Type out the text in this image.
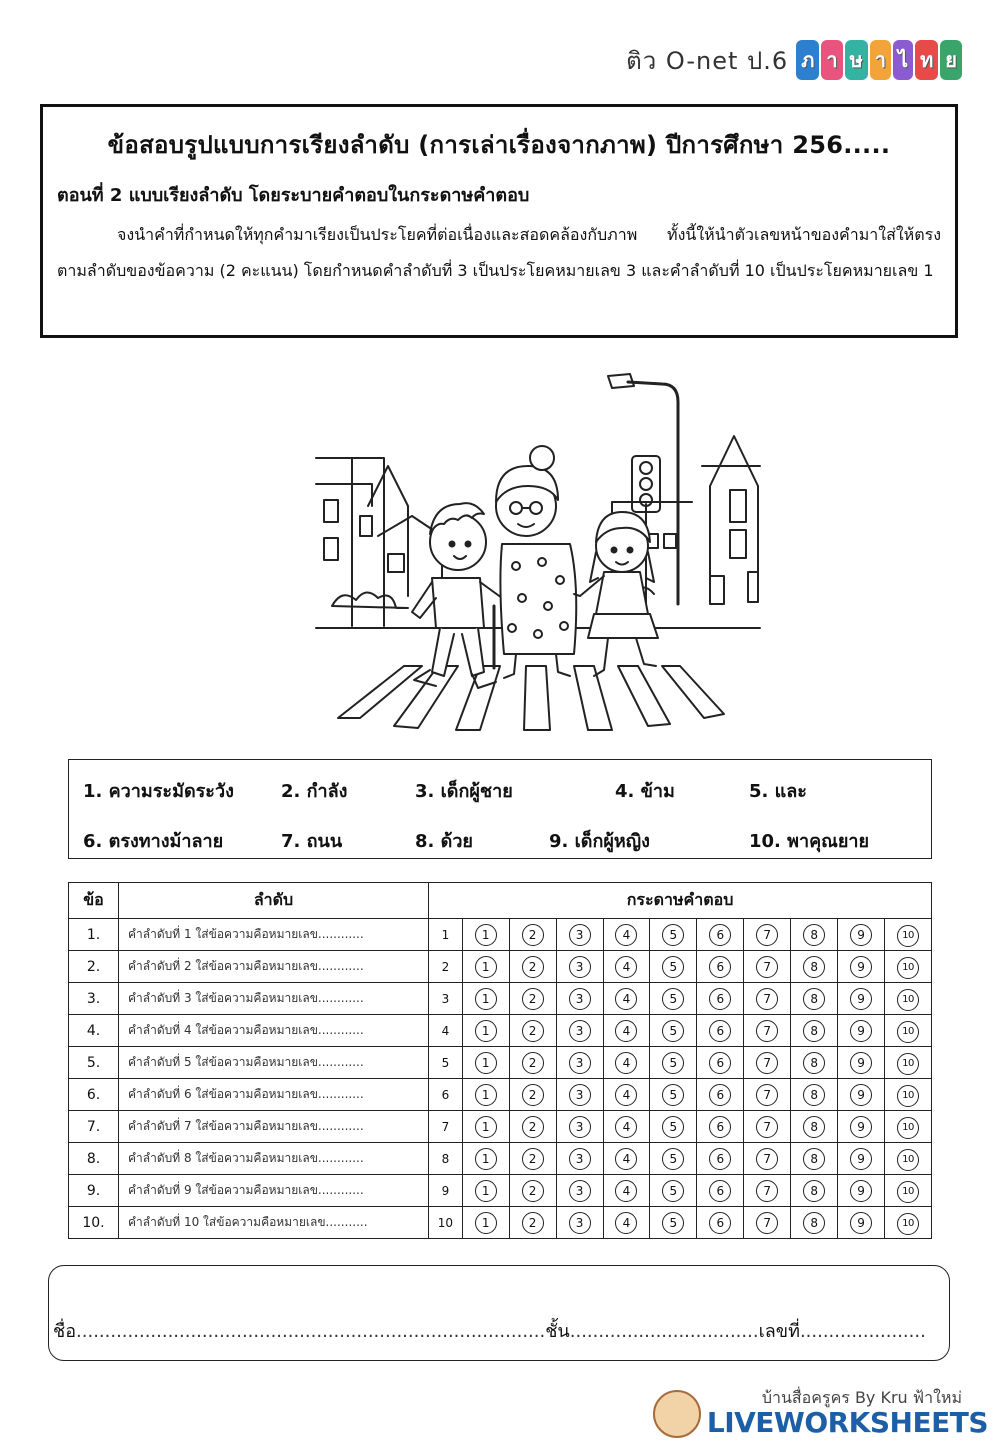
ติว O-net ป.6 ภ า ษ า ไ ท ย
ข้อสอบรูปแบบการเรียงลำดับ (การเล่าเรื่องจากภาพ) ปีการศึกษา 256.....
ตอนที่ 2 แบบเรียงลำดับ โดยระบายคำตอบในกระดาษคำตอบ

จงนำคำที่กำหนดให้ทุกคำมาเรียงเป็นประโยคที่ต่อเนื่องและสอดคล้องกับภาพ ทั้งนี้ให้นำตัวเลขหน้าของคำมาใส่ให้ตรงตามลำดับของข้อความ (2 คะแนน) โดยกำหนดคำลำดับที่ 3 เป็นประโยคหมายเลข 3 และคำลำดับที่ 10 เป็นประโยคหมายเลข 1

1. ความระมัดระวัง	2. กำลัง	3. เด็กผู้ชาย	4. ข้าม	5. และ
6. ตรงทางม้าลาย	7. ถนน	8. ด้วย	9. เด็กผู้หญิง	10. พาคุณยาย
ข้อ	ลำดับ	กระดาษคำตอบ										
1.	คำลำดับที่ 1 ใส่ข้อความคือหมายเลข............	1	1	2	3	4	5	6	7	8	9	10
2.	คำลำดับที่ 2 ใส่ข้อความคือหมายเลข............	2	1	2	3	4	5	6	7	8	9	10
3.	คำลำดับที่ 3 ใส่ข้อความคือหมายเลข............	3	1	2	3	4	5	6	7	8	9	10
4.	คำลำดับที่ 4 ใส่ข้อความคือหมายเลข............	4	1	2	3	4	5	6	7	8	9	10
5.	คำลำดับที่ 5 ใส่ข้อความคือหมายเลข............	5	1	2	3	4	5	6	7	8	9	10
6.	คำลำดับที่ 6 ใส่ข้อความคือหมายเลข............	6	1	2	3	4	5	6	7	8	9	10
7.	คำลำดับที่ 7 ใส่ข้อความคือหมายเลข............	7	1	2	3	4	5	6	7	8	9	10
8.	คำลำดับที่ 8 ใส่ข้อความคือหมายเลข............	8	1	2	3	4	5	6	7	8	9	10
9.	คำลำดับที่ 9 ใส่ข้อความคือหมายเลข............	9	1	2	3	4	5	6	7	8	9	10
10.	คำลำดับที่ 10 ใส่ข้อความคือหมายเลข...........	10	1	2	3	4	5	6	7	8	9	10
ชื่อ..................................................................................ชั้น.................................เลขที่......................
บ้านสื่อครูคร By Kru ฟ้าใหม่
LIVEWORKSHEETS
